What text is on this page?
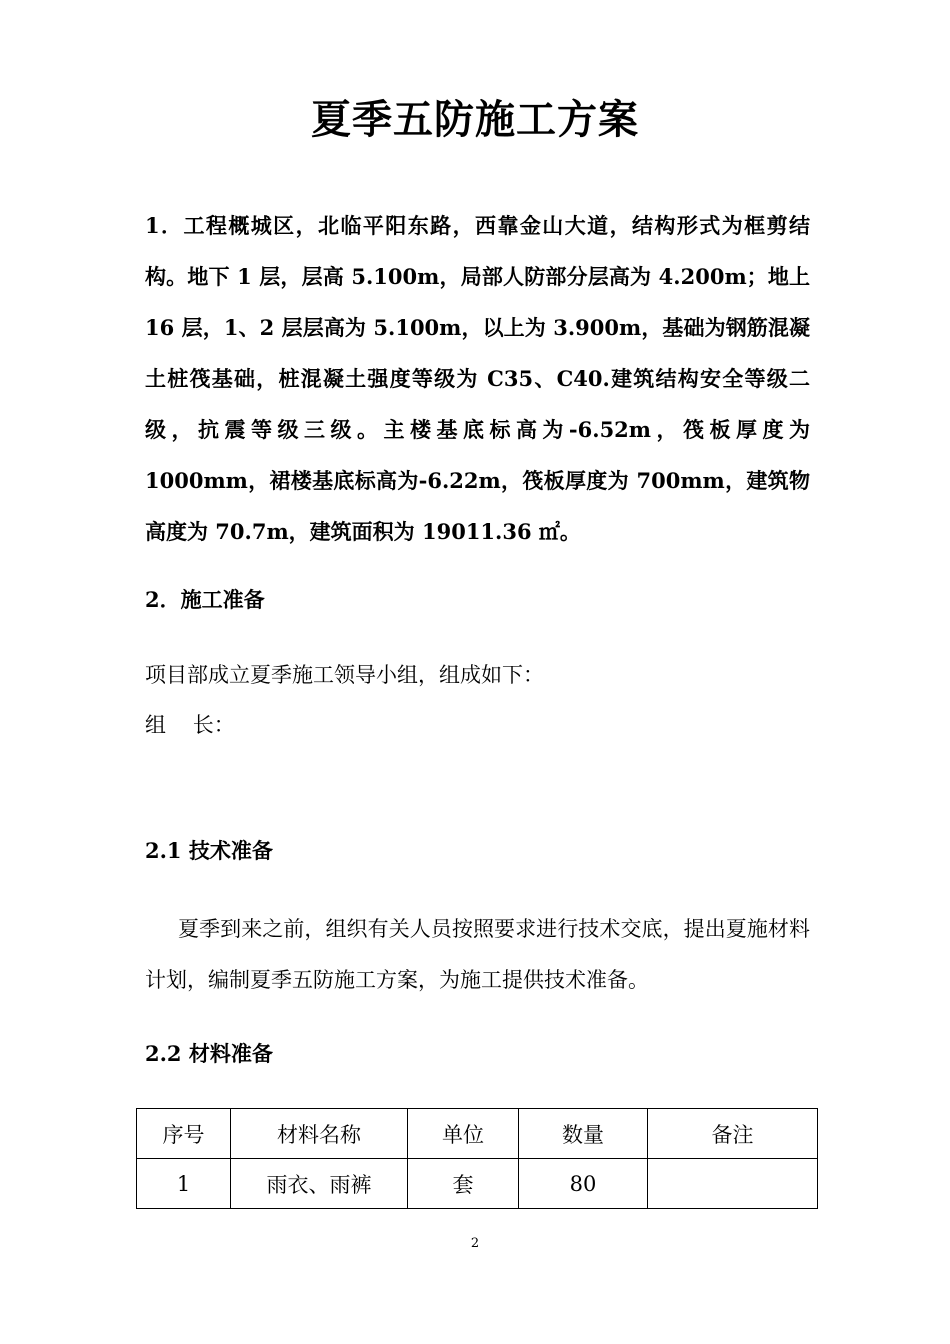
夏季五防施工方案

1．工程概城区，北临平阳东路，西靠金山大道，结构形式为框剪结构。地下 1 层，层高 5.100m，局部人防部分层高为 4.200m；地上 16 层，1、2 层层高为 5.100m，以上为 3.900m，基础为钢筋混凝土桩筏基础，桩混凝土强度等级为 C35、C40.建筑结构安全等级二级，抗震等级三级。主楼基底标高为-6.52m，筏板厚度为 1000mm，裙楼基底标高为-6.22m，筏板厚度为 700mm，建筑物高度为 70.7m，建筑面积为 19011.36 ㎡。

2．施工准备

项目部成立夏季施工领导小组，组成如下：

组    长：

2.1 技术准备

夏季到来之前，组织有关人员按照要求进行技术交底，提出夏施材料计划，编制夏季五防施工方案，为施工提供技术准备。

2.2 材料准备

序号	材料名称	单位	数量	备注
1	雨衣、雨裤	套	80	
2
